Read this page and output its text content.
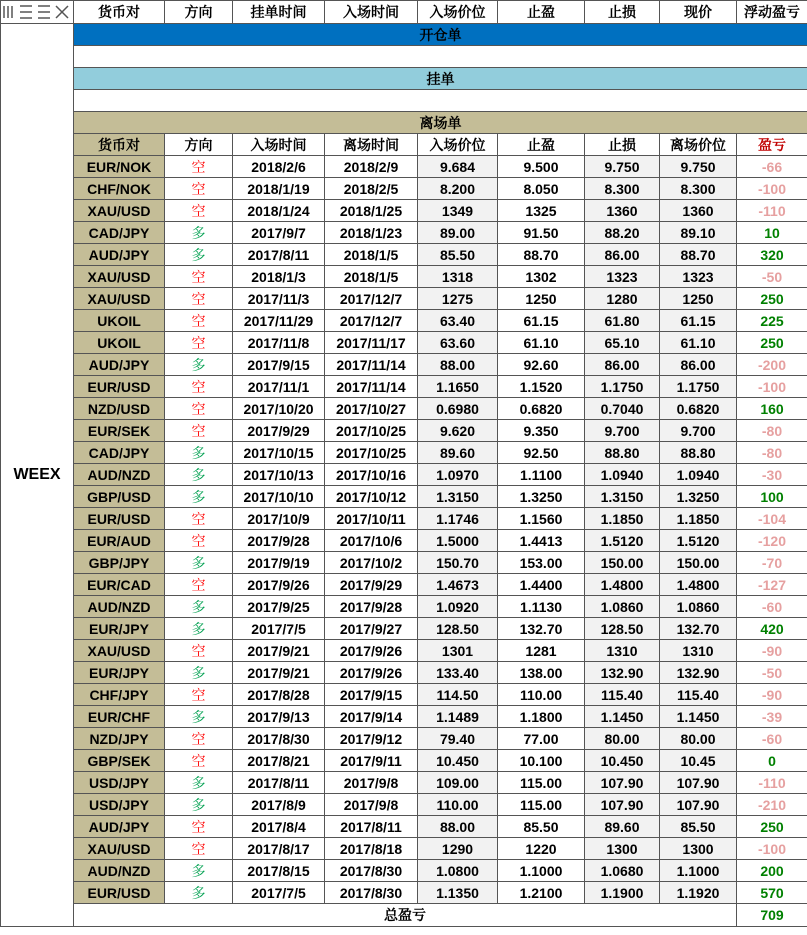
	货币对	方向	挂单时间	入场时间	入场价位	止盈	止损	现价	浮动盈亏
WEEX	开仓单								

	挂单								

	离场单								
	货币对	方向	入场时间	离场时间	入场价位	止盈	止损	离场价位	盈亏
	EUR/NOK	空	2018/2/6	2018/2/9	9.684	9.500	9.750	9.750	-66
	CHF/NOK	空	2018/1/19	2018/2/5	8.200	8.050	8.300	8.300	-100
	XAU/USD	空	2018/1/24	2018/1/25	1349	1325	1360	1360	-110
	CAD/JPY	多	2017/9/7	2018/1/23	89.00	91.50	88.20	89.10	10
	AUD/JPY	多	2017/8/11	2018/1/5	85.50	88.70	86.00	88.70	320
	XAU/USD	空	2018/1/3	2018/1/5	1318	1302	1323	1323	-50
	XAU/USD	空	2017/11/3	2017/12/7	1275	1250	1280	1250	250
	UKOIL	空	2017/11/29	2017/12/7	63.40	61.15	61.80	61.15	225
	UKOIL	空	2017/11/8	2017/11/17	63.60	61.10	65.10	61.10	250
	AUD/JPY	多	2017/9/15	2017/11/14	88.00	92.60	86.00	86.00	-200
	EUR/USD	空	2017/11/1	2017/11/14	1.1650	1.1520	1.1750	1.1750	-100
	NZD/USD	空	2017/10/20	2017/10/27	0.6980	0.6820	0.7040	0.6820	160
	EUR/SEK	空	2017/9/29	2017/10/25	9.620	9.350	9.700	9.700	-80
	CAD/JPY	多	2017/10/15	2017/10/25	89.60	92.50	88.80	88.80	-80
	AUD/NZD	多	2017/10/13	2017/10/16	1.0970	1.1100	1.0940	1.0940	-30
	GBP/USD	多	2017/10/10	2017/10/12	1.3150	1.3250	1.3150	1.3250	100
	EUR/USD	空	2017/10/9	2017/10/11	1.1746	1.1560	1.1850	1.1850	-104
	EUR/AUD	空	2017/9/28	2017/10/6	1.5000	1.4413	1.5120	1.5120	-120
	GBP/JPY	多	2017/9/19	2017/10/2	150.70	153.00	150.00	150.00	-70
	EUR/CAD	空	2017/9/26	2017/9/29	1.4673	1.4400	1.4800	1.4800	-127
	AUD/NZD	多	2017/9/25	2017/9/28	1.0920	1.1130	1.0860	1.0860	-60
	EUR/JPY	多	2017/7/5	2017/9/27	128.50	132.70	128.50	132.70	420
	XAU/USD	空	2017/9/21	2017/9/26	1301	1281	1310	1310	-90
	EUR/JPY	多	2017/9/21	2017/9/26	133.40	138.00	132.90	132.90	-50
	CHF/JPY	空	2017/8/28	2017/9/15	114.50	110.00	115.40	115.40	-90
	EUR/CHF	多	2017/9/13	2017/9/14	1.1489	1.1800	1.1450	1.1450	-39
	NZD/JPY	空	2017/8/30	2017/9/12	79.40	77.00	80.00	80.00	-60
	GBP/SEK	空	2017/8/21	2017/9/11	10.450	10.100	10.450	10.45	0
	USD/JPY	多	2017/8/11	2017/9/8	109.00	115.00	107.90	107.90	-110
	USD/JPY	多	2017/8/9	2017/9/8	110.00	115.00	107.90	107.90	-210
	AUD/JPY	空	2017/8/4	2017/8/11	88.00	85.50	89.60	85.50	250
	XAU/USD	空	2017/8/17	2017/8/18	1290	1220	1300	1300	-100
	AUD/NZD	多	2017/8/15	2017/8/30	1.0800	1.1000	1.0680	1.1000	200
	EUR/USD	多	2017/7/5	2017/8/30	1.1350	1.2100	1.1900	1.1920	570
	总盈亏								709
